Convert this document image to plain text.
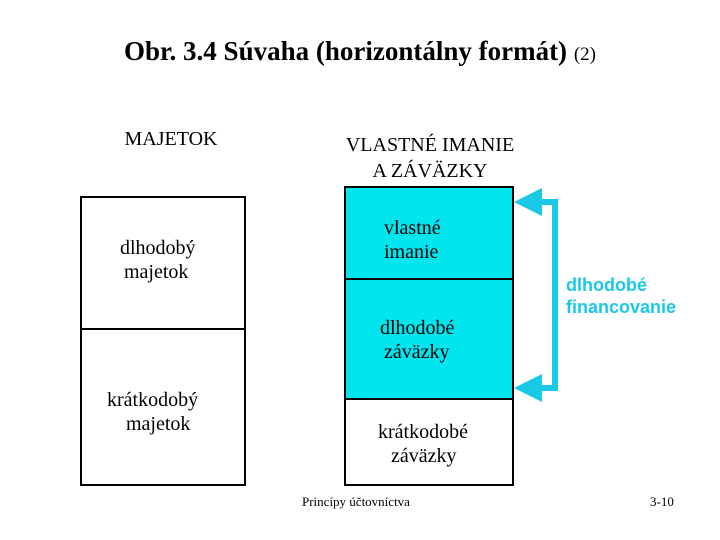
Obr. 3.4 Súvaha (horizontálny formát) (2)
MAJETOK	VLASTNÉ IMANIE
A ZÁVÄZKY
dlhodobý
majetok
krátkodobý
majetok
vlastné
imanie
dlhodobé
záväzky
krátkodobé
záväzky
dlhodobé
financovanie
Princípy účtovníctva	3-10
